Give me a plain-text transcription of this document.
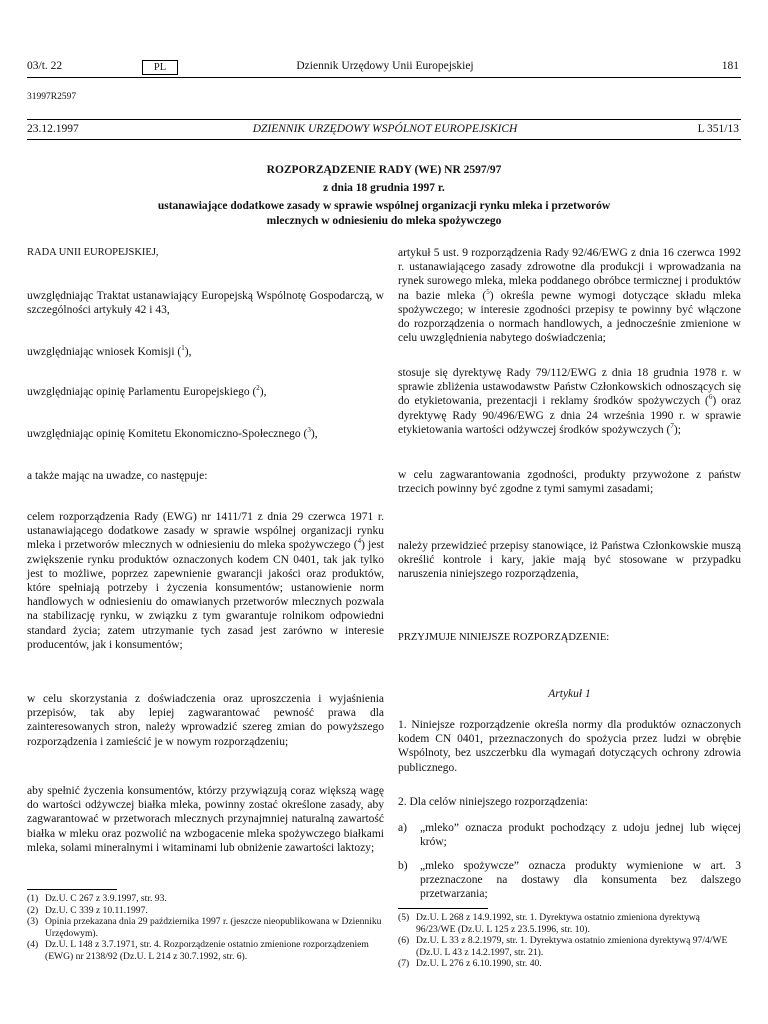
03/t. 22	PL	Dziennik Urzędowy Unii Europejskiej	181
31997R2597
23.12.1997	DZIENNIK URZĘDOWY WSPÓLNOT EUROPEJSKICH	L 351/13
ROZPORZĄDZENIE RADY (WE) NR 2597/97
z dnia 18 grudnia 1997 r.
ustanawiające dodatkowe zasady w sprawie wspólnej organizacji rynku mleka i przetworów
mlecznych w odniesieniu do mleka spożywczego
RADA UNII EUROPEJSKIEJ,
uwzględniając Traktat ustanawiający Europejską Wspólnotę Gospodarczą, w szczególności artykuły 42 i 43,
uwzględniając wniosek Komisji ($^1$),
uwzględniając opinię Parlamentu Europejskiego ($^2$),
uwzględniając opinię Komitetu Ekonomiczno-Społecznego ($^3$),
a także mając na uwadze, co następuje:
celem rozporządzenia Rady (EWG) nr 1411/71 z dnia 29 czerwca 1971 r. ustanawiającego dodatkowe zasady w sprawie wspólnej organizacji rynku mleka i przetworów mlecznych w odniesieniu do mleka spożywczego ($^4$) jest zwiększenie rynku produktów oznaczonych kodem CN 0401, tak jak tylko jest to możliwe, poprzez zapewnienie gwarancji jakości oraz produktów, które spełniają potrzeby i życzenia konsumentów; ustanowienie norm handlowych w odniesieniu do omawianych przetworów mlecznych pozwala na stabilizację rynku, w związku z tym gwarantuje rolnikom odpowiedni standard życia; zatem utrzymanie tych zasad jest zarówno w interesie producentów, jak i konsumentów;
w celu skorzystania z doświadczenia oraz uproszczenia i wyjaśnienia przepisów, tak aby lepiej zagwarantować pewność prawa dla zainteresowanych stron, należy wprowadzić szereg zmian do powyższego rozporządzenia i zamieścić je w nowym rozporządzeniu;
aby spełnić życzenia konsumentów, którzy przywiązują coraz większą wagę do wartości odżywczej białka mleka, powinny zostać określone zasady, aby zagwarantować w przetworach mlecznych przynajmniej naturalną zawartość białka w mleku oraz pozwolić na wzbogacenie mleka spożywczego białkami mleka, solami mineralnymi i witaminami lub obniżenie zawartości laktozy;
(1) Dz.U. C 267 z 3.9.1997, str. 93.
(2) Dz.U. C 339 z 10.11.1997.
(3) Opinia przekazana dnia 29 października 1997 r. (jeszcze nieopublikowana w Dzienniku Urzędowym).
(4) Dz.U. L 148 z 3.7.1971, str. 4. Rozporządzenie ostatnio zmienione rozporządzeniem (EWG) nr 2138/92 (Dz.U. L 214 z 30.7.1992, str. 6).
artykuł 5 ust. 9 rozporządzenia Rady 92/46/EWG z dnia 16 czerwca 1992 r. ustanawiającego zasady zdrowotne dla produkcji i wprowadzania na rynek surowego mleka, mleka poddanego obróbce termicznej i produktów na bazie mleka ($^5$) określa pewne wymogi dotyczące składu mleka spożywczego; w interesie zgodności przepisy te powinny być włączone do rozporządzenia o normach handlowych, a jednocześnie zmienione w celu uwzględnienia nabytego doświadczenia;
stosuje się dyrektywę Rady 79/112/EWG z dnia 18 grudnia 1978 r. w sprawie zbliżenia ustawodawstw Państw Członkowskich odnoszących się do etykietowania, prezentacji i reklamy środków spożywczych ($^6$) oraz dyrektywę Rady 90/496/EWG z dnia 24 września 1990 r. w sprawie etykietowania wartości odżywczej środków spożywczych ($^7$);
w celu zagwarantowania zgodności, produkty przywożone z państw trzecich powinny być zgodne z tymi samymi zasadami;
należy przewidzieć przepisy stanowiące, iż Państwa Członkowskie muszą określić kontrole i kary, jakie mają być stosowane w przypadku naruszenia niniejszego rozporządzenia,
PRZYJMUJE NINIEJSZE ROZPORZĄDZENIE:
Artykuł 1
1. Niniejsze rozporządzenie określa normy dla produktów oznaczonych kodem CN 0401, przeznaczonych do spożycia przez ludzi w obrębie Wspólnoty, bez uszczerbku dla wymagań dotyczących ochrony zdrowia publicznego.
2. Dla celów niniejszego rozporządzenia:
a)	„mleko” oznacza produkt pochodzący z udoju jednej lub więcej krów;
b)	„mleko spożywcze” oznacza produkty wymienione w art. 3 przeznaczone na dostawy dla konsumenta bez dalszego przetwarzania;
(5) Dz.U. L 268 z 14.9.1992, str. 1. Dyrektywa ostatnio zmieniona dyrektywą 96/23/WE (Dz.U. L 125 z 23.5.1996, str. 10).
(6) Dz.U. L 33 z 8.2.1979, str. 1. Dyrektywa ostatnio zmieniona dyrektywą 97/4/WE (Dz.U. L 43 z 14.2.1997, str. 21).
(7) Dz.U. L 276 z 6.10.1990, str. 40.
